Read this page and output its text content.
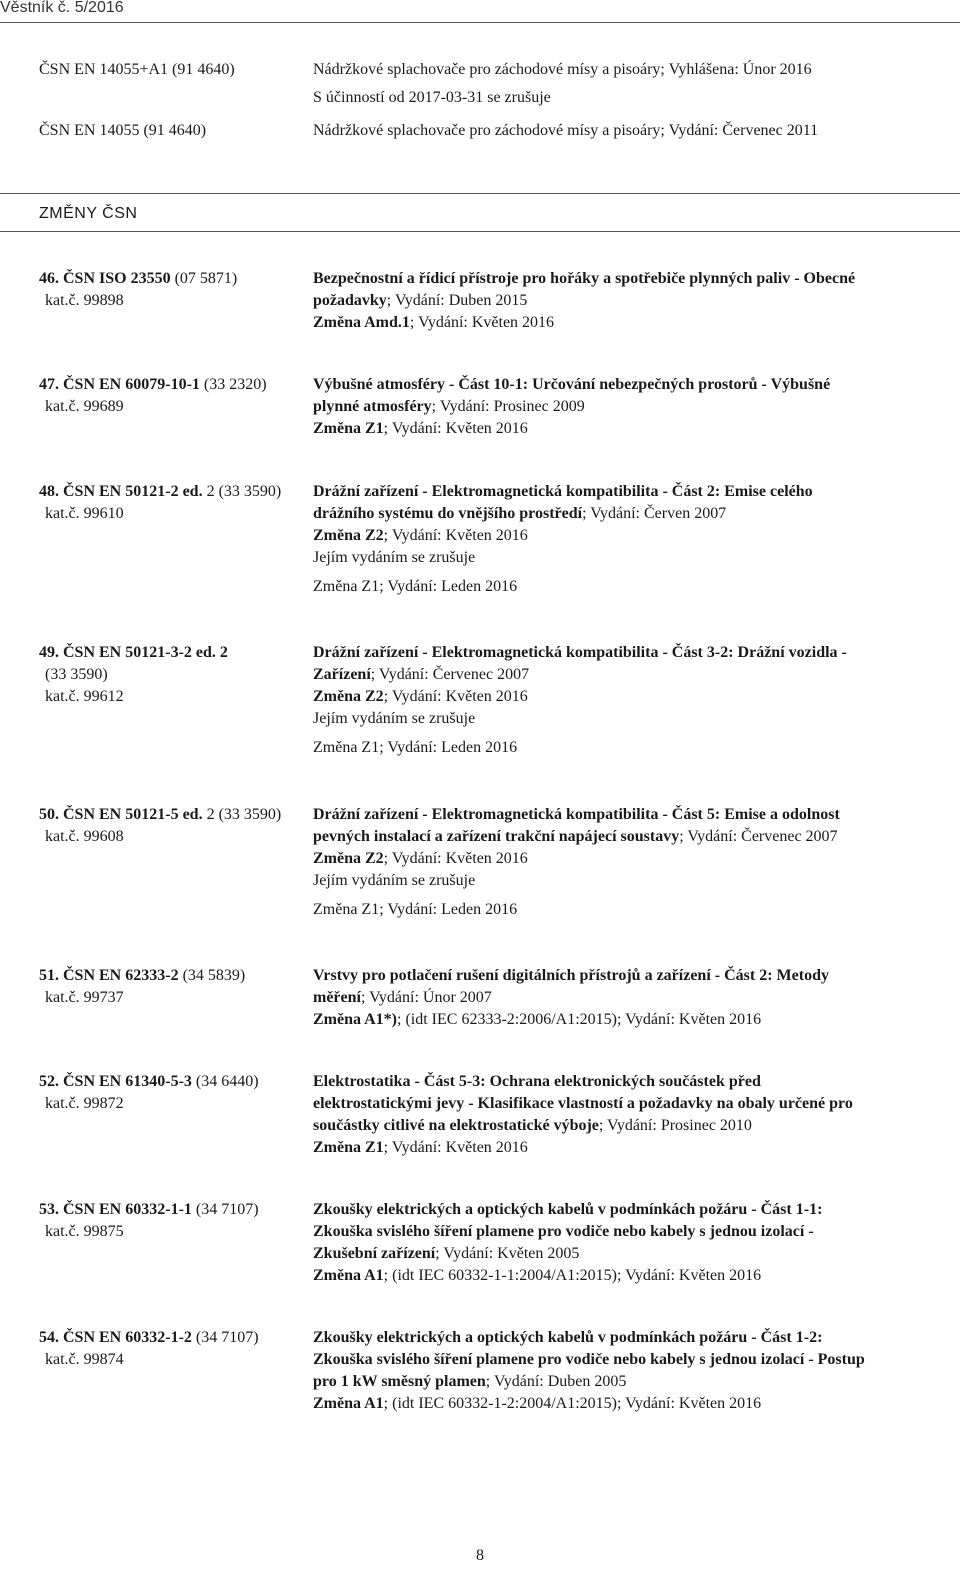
Věstník č. 5/2016
ČSN EN 14055+A1 (91 4640)	Nádržkové splachovače pro záchodové mísy a pisoáry; Vyhlášena: Únor 2016
S účinností od 2017-03-31 se zrušuje
ČSN EN 14055 (91 4640)	Nádržkové splachovače pro záchodové mísy a pisoáry; Vydání: Červenec 2011
ZMĚNY ČSN
46. ČSN ISO 23550 (07 5871)
kat.č. 99898
Bezpečnostní a řídicí přístroje pro hořáky a spotřebiče plynných paliv - Obecné
požadavky; Vydání: Duben 2015
Změna Amd.1; Vydání: Květen 2016
47. ČSN EN 60079-10-1 (33 2320)
kat.č. 99689
Výbušné atmosféry - Část 10-1: Určování nebezpečných prostorů - Výbušné
plynné atmosféry; Vydání: Prosinec 2009
Změna Z1; Vydání: Květen 2016
48. ČSN EN 50121-2 ed. 2 (33 3590)
kat.č. 99610
Drážní zařízení - Elektromagnetická kompatibilita - Část 2: Emise celého
drážního systému do vnějšího prostředí; Vydání: Červen 2007
Změna Z2; Vydání: Květen 2016
Jejím vydáním se zrušuje
Změna Z1; Vydání: Leden 2016
49. ČSN EN 50121-3-2 ed. 2
(33 3590)
kat.č. 99612
Drážní zařízení - Elektromagnetická kompatibilita - Část 3-2: Drážní vozidla -
Zařízení; Vydání: Červenec 2007
Změna Z2; Vydání: Květen 2016
Jejím vydáním se zrušuje
Změna Z1; Vydání: Leden 2016
50. ČSN EN 50121-5 ed. 2 (33 3590)
kat.č. 99608
Drážní zařízení - Elektromagnetická kompatibilita - Část 5: Emise a odolnost
pevných instalací a zařízení trakční napájecí soustavy; Vydání: Červenec 2007
Změna Z2; Vydání: Květen 2016
Jejím vydáním se zrušuje
Změna Z1; Vydání: Leden 2016
51. ČSN EN 62333-2 (34 5839)
kat.č. 99737
Vrstvy pro potlačení rušení digitálních přístrojů a zařízení - Část 2: Metody
měření; Vydání: Únor 2007
Změna A1*); (idt IEC 62333-2:2006/A1:2015); Vydání: Květen 2016
52. ČSN EN 61340-5-3 (34 6440)
kat.č. 99872
Elektrostatika - Část 5-3: Ochrana elektronických součástek před
elektrostatickými jevy - Klasifikace vlastností a požadavky na obaly určené pro
součástky citlivé na elektrostatické výboje; Vydání: Prosinec 2010
Změna Z1; Vydání: Květen 2016
53. ČSN EN 60332-1-1 (34 7107)
kat.č. 99875
Zkoušky elektrických a optických kabelů v podmínkách požáru - Část 1-1:
Zkouška svislého šíření plamene pro vodiče nebo kabely s jednou izolací -
Zkušební zařízení; Vydání: Květen 2005
Změna A1; (idt IEC 60332-1-1:2004/A1:2015); Vydání: Květen 2016
54. ČSN EN 60332-1-2 (34 7107)
kat.č. 99874
Zkoušky elektrických a optických kabelů v podmínkách požáru - Část 1-2:
Zkouška svislého šíření plamene pro vodiče nebo kabely s jednou izolací - Postup
pro 1 kW směsný plamen; Vydání: Duben 2005
Změna A1; (idt IEC 60332-1-2:2004/A1:2015); Vydání: Květen 2016
8
